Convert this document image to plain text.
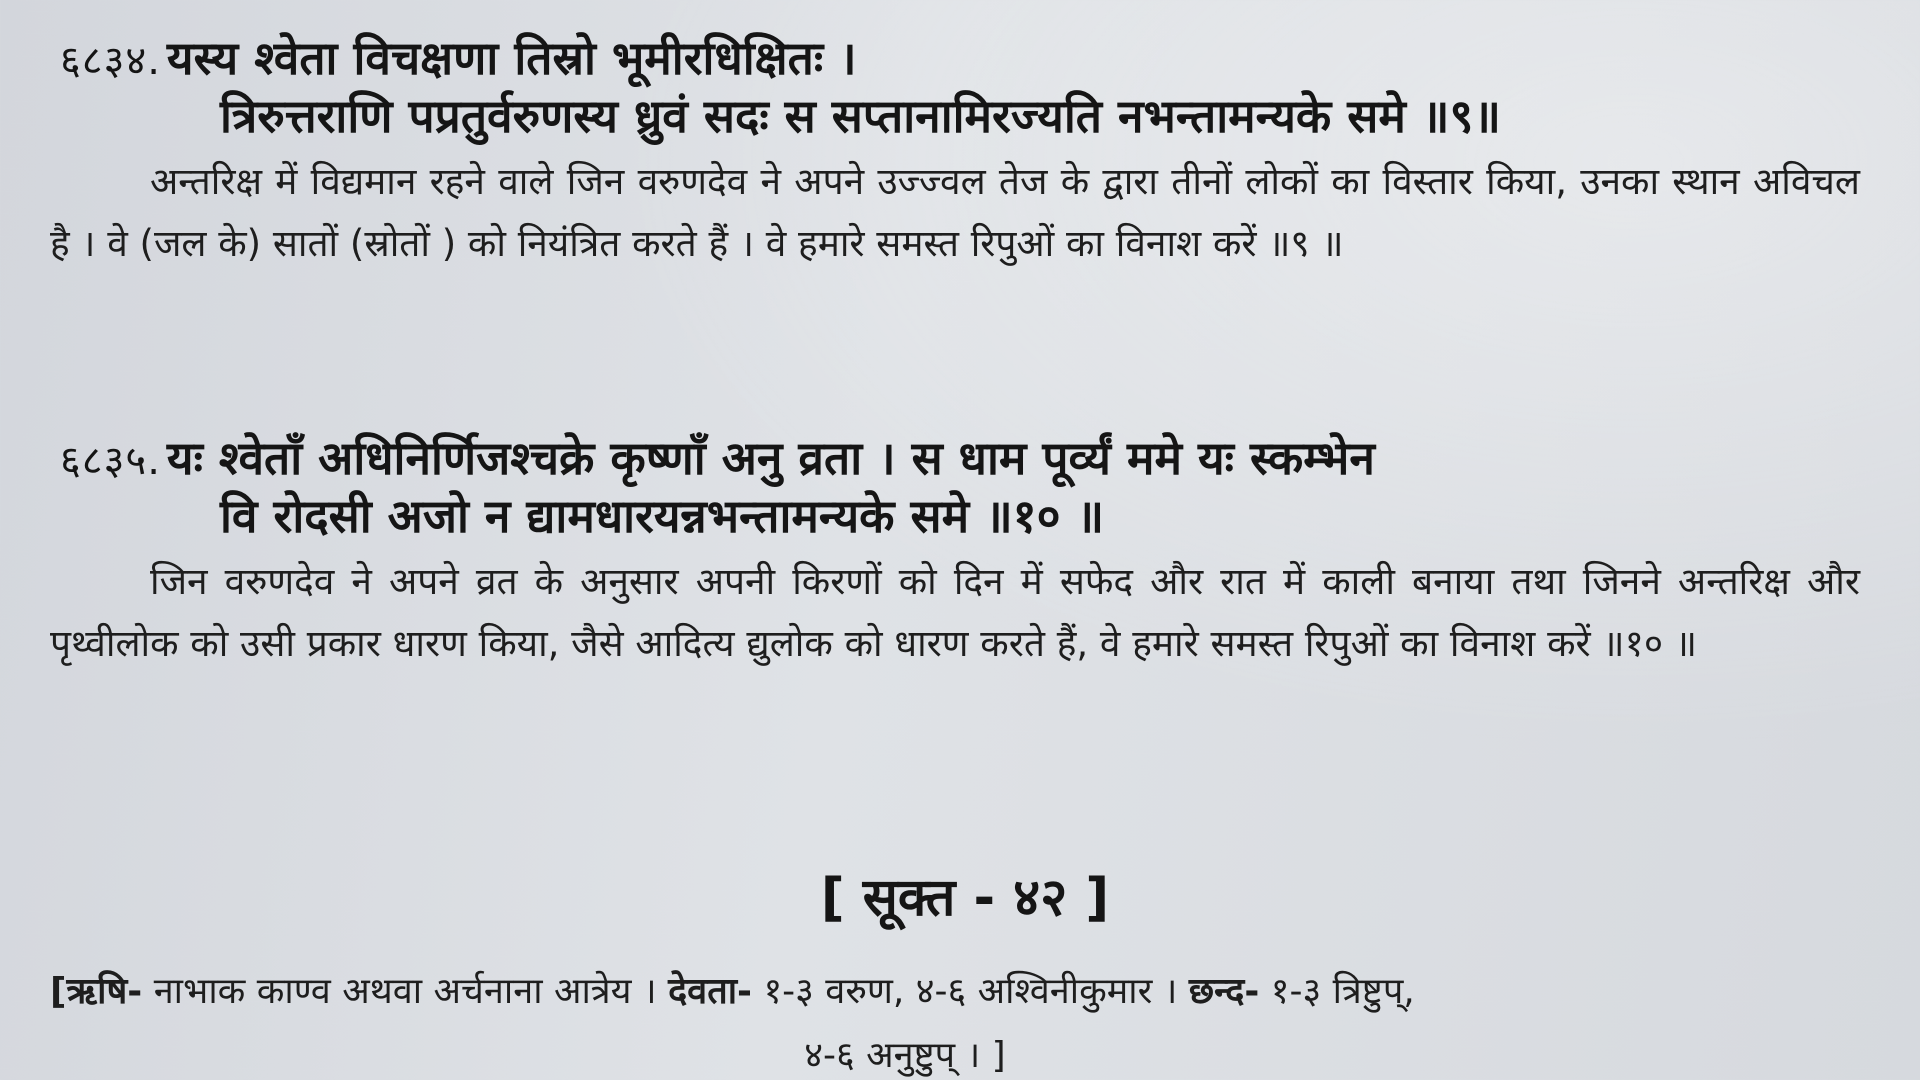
६८३४. यस्य श्वेता विचक्षणा तिस्रो भूमीरधिक्षितः ।
त्रिरुत्तराणि पप्रतुर्वरुणस्य ध्रुवं सदः स सप्तानामिरज्यति नभन्तामन्यके समे ॥९॥

अन्तरिक्ष में विद्यमान रहने वाले जिन वरुणदेव ने अपने उज्ज्वल तेज के द्वारा तीनों लोकों का विस्तार किया, उनका स्थान अविचल है । वे (जल के) सातों (स्रोतों ) को नियंत्रित करते हैं । वे हमारे समस्त रिपुओं का विनाश करें ॥९ ॥

६८३५. यः श्वेताँ अधिनिर्णिजश्चक्रे कृष्णाँ अनु व्रता । स धाम पूर्व्यं ममे यः स्कम्भेन
वि रोदसी अजो न द्यामधारयन्नभन्तामन्यके समे ॥१० ॥

जिन वरुणदेव ने अपने व्रत के अनुसार अपनी किरणों को दिन में सफेद और रात में काली बनाया तथा जिनने अन्तरिक्ष और पृथ्वीलोक को उसी प्रकार धारण किया, जैसे आदित्य द्युलोक को धारण करते हैं, वे हमारे समस्त रिपुओं का विनाश करें ॥१० ॥

[ सूक्त - ४२ ]
[ऋषि- नाभाक काण्व अथवा अर्चनाना आत्रेय । देवता- १-३ वरुण, ४-६ अश्विनीकुमार । छन्द- १-३ त्रिष्टुप्,
४-६ अनुष्टुप् । ]
